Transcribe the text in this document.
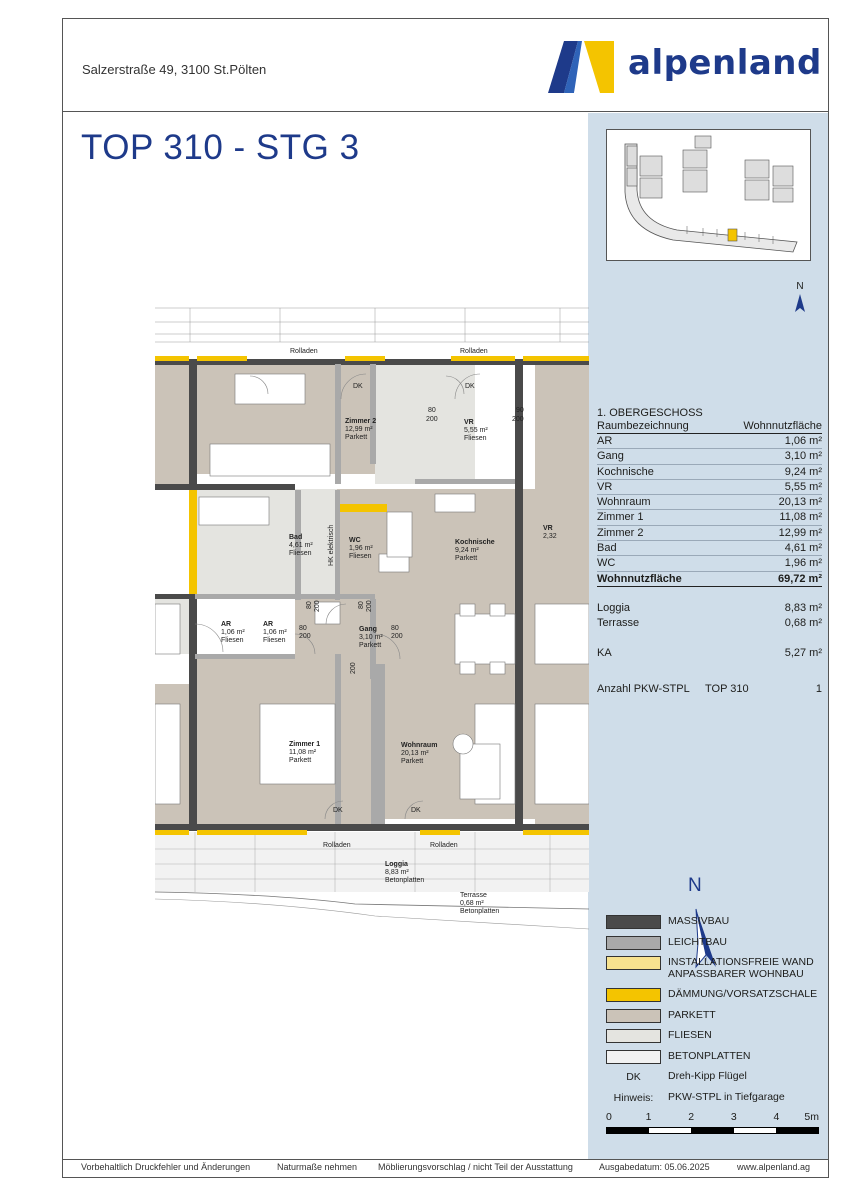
Salzerstraße 49, 3100 St.Pölten	alpenland
TOP 310 - STG 3
N
1. OBERGESCHOSS
Raumbezeichnung	Wohnnutzfläche
AR	1,06 m²
Gang	3,10 m²
Kochnische	9,24 m²
VR	5,55 m²
Wohnraum	20,13 m²
Zimmer 1	11,08 m²
Zimmer 2	12,99 m²
Bad	4,61 m²
WC	1,96 m²
Wohnnutzfläche	69,72 m²
Loggia	8,83 m²
Terrasse	0,68 m²
KA	5,27 m²
Anzahl PKW-STPL TOP 310	1
N
MASSIVBAU
LEICHTBAU
INSTALLATIONSFREIE WAND
ANPASSBARER WOHNBAU
DÄMMUNG/VORSATZSCHALE
PARKETT
FLIESEN
BETONPLATTEN
DK	Dreh-Kipp Flügel
Hinweis:	PKW-STPL in Tiefgarage
0	1	2	3	4 5m
Rolladen	Rolladen
Rolladen	Rolladen
DK	DK
DK	DK
Zimmer 2
12,99 m²
Parkett
VR
5,55 m²
Fliesen
Kochnische
9,24 m²
Parkett
Bad
4,61 m²
Fliesen
WC
1,96 m²
Fliesen
AR
1,06 m²
Fliesen
AR
1,06 m²
Fliesen
Gang
3,10 m²
Parkett
Zimmer 1
11,08 m²
Parkett
Wohnraum
20,13 m²
Parkett
Loggia
8,83 m²
Betonplatten
Terrasse
0,68 m²
Betonplatten
VR
2,32
80
200
90
200
80
200
80
200
HK elektrisch
80 200	80 200
200
Vorbehaltlich Druckfehler und Änderungen	Naturmaße nehmen Möblierungsvorschlag / nicht Teil der Ausstattung	Ausgabedatum: 05.06.2025	www.alpenland.ag
